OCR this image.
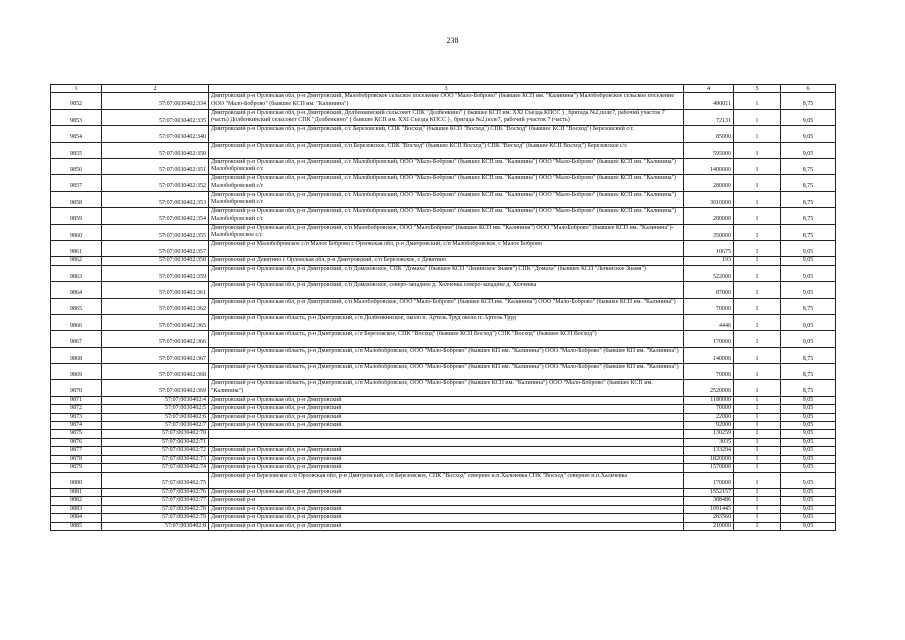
238
1	2	3	4	5	6	
9852	57:07:0030402:334	Дмитровский р-н Орловская обл, р-н Дмитровский, Малобобровское сельское поселение ООО "Мало-Боброво" (бывшее КСП им. "Калинина") Малобобровское сельское поселение ООО "Мало-Боброво" (бывшее КСП им. "Калинина")	490011	1	8,75	
9853	57:07:0030402:335	Дмитровский р-н Орловская обл, р-н Дмитровский, Долбенкинский сельсовет СПК "Долбенкино" ( бывшее КСП им. XXI Съезда КПСС ) , бригада №2,поле7, рабочий участок 7 (часть) Долбенкинский сельсовет СПК "Долбенкино" ( бывшее КСП им. XXI Съезда КПСС ) , бригада №2,поле7, рабочий участок 7 (часть)	72131	1	9,05	
9854	57:07:0030402:340	Дмитровский р-н Орловская обл, р-н Дмитровский, с/с Березовский, СПК "Восход" (бывшее КСП "Восход") СПК "Восход" (бывшее КСП "Восход") Березовский с/с	85000	1	9,05	
9855	57:07:0030402:350	Дмитровский р-н Орловская обл, р-н Дмитровский, с/п Березовское, СПК "Восход" (бывшее КСП Восход") СПК "Восход" (бывшее КСП Восход") Березовское с/с	595000	1	9,05	
9856	57:07:0030402:351	Дмитровский р-н Орловская обл, р-н Дмитровский, с/с Малобобровский, ООО "Мало-Боброво" (бывшее КСП им. "Калинина") ООО "Мало-Боброво" (бывшее КСП им. "Калинина") Малобобровский с/с	1400000	1	8,75	
9857	57:07:0030402:352	Дмитровский р-н Орловская обл, р-н Дмитровский, с/с Малобобровский, ООО "Мало-Боброво" (бывшее КСП им. "Калинина") ООО "Мало-Боброво" (бывшее КСП им. "Калинина") Малобобровский с/с	280000	1	8,75	
9858	57:07:0030402:353	Дмитровский р-н Орловская обл, р-н Дмитровский, с/с Малобобровский, ООО "Мало-Боброво" (бывшее КСП им. "Калинина") ООО "Мало-Боброво" (бывшее КСП им. "Калинина") Малобобровский с/с	3010000	1	8,75	
9859	57:07:0030402:354	Дмитровский р-н Орловская обл, р-н Дмитровский, с/с Малобобровский, ООО "Мало-Боброво" (бывшее КСП им. "Калинина") ООО "Мало-Боброво" (бывшее КСП им. "Калинина") Малобобровский с/с	280000	1	8,75	
9860	57:07:0030402:355	Дмитровский р-н Орловская обл, р-н Дмитровский, с/п Малобобровское, ООО "МалоБоброво" (бывшее КСП им. "Калинина") ООО "МалоБоброво" (бывшее КСП им. "Калинина")-Малобобровское с/с	350000	1	8,75	
9861	57:07:0030402:357	Дмитровский р-н Малобобровское с/п Малое Боброво с Орловская обл, р-н Дмитровский, с/п Малобобровское, с Малое Боброво	10675	1	9,05	
9862	57:07:0030402:358	Дмитровский р-н Девятино с Орловская обл, р-н Дмитровский, с/п Березовское, с Девятино	193	1	9,05	
9863	57:07:0030402:359	Дмитровский р-н Орловская обл, р-н Дмитровский, с/п Домаховское, СПК "Домаха" (бывшее КСП "Ленинское Знамя") СПК "Домаха" (бывшее КСП "Ленинское Знамя")	522000	1	9,05	
9864	57:07:0030402:361	Дмитровский р-н Орловская обл, р-н Дмитровский, с/п Домаховское, северо-западнее д. Холчевка северо-западнее д. Холчевка	87000	1	9,05	
9865	57:07:0030402:362	Дмитровский р-н Орловская обл, р-н Дмитровский, с/п Малобобровское, ООО "Мало-Боброво" (бывшее КСП им. "Калинина") ООО "Мало-Боброво" (бывшее КСП им. "Калинина")	70000	1	8,75	
9866	57:07:0030402:365	Дмитровский р-н Орловская область, р-н Дмитровский, с/п Долбенкинское, около п. Артель Труд около п. Артель Труд	4446	1	9,05	
9867	57:07:0030402:366	Дмитровский р-н Орловская область, р-н Дмитровский, с/п Березовское, СПК "Восход" (бывшее КСП Восход") СПК "Восход" (бывшее КСП Восход")	170000	1	9,05	
9868	57:07:0030402:367	Дмитровский р-н Орловская область, р-н Дмитровский, с/п Малобобровское, ООО "Мало-Боброво" (бывшее КП им. "Калинина") ООО "Мало-Боброво" (бывшее КП им. "Калинина")	140000	1	8,75	
9869	57:07:0030402:368	Дмитровский р-н Орловская область, р-н Дмитровский, с/п Малобобровское, ООО "Мало-Боброво" (бывшее КП им. "Калинина") ООО "Мало-Боброво" (бывшее КП им. "Калинина")	70000	1	8,75	
9870	57:07:0030402:369	Дмитровский р-н Орловская область, р-н Дмитровский, с/п Малобобровское, ООО "Мало-Боброво" (бывшее КСП им. "Калинина") ООО "Мало-Боброво" (бывшее КСП им. "Калинина")	2520000	1	8,75	
9871	57:07:0030402:4	Дмитровский р-н Орловская обл, р-н Дмитровский	1180000	1	9,05	
9872	57:07:0030402:5	Дмитровский р-н Орловская обл, р-н Дмитровский	70000	1	9,05	
9873	57:07:0030402:6	Дмитровский р-н Орловская обл, р-н Дмитровский	22000	1	9,05	
9874	57:07:0030402:7	Дмитровский р-н Орловская обл, р-н Дмитровский	92000	1	9,05	
9875	57:07:0030402:70		130259	1	9,05	
9876	57:07:0030402:71		3035	1	9,05	
9877	57:07:0030402:72	Дмитровский р-н Орловская обл, р-н Дмитровский	133294	1	9,05	
9878	57:07:0030402:73	Дмитровский р-н Орловская обл, р-н Дмитровский	1820000	1	9,05	
9879	57:07:0030402:74	Дмитровский р-н Орловская обл, р-н Дмитровский	1570000	1	9,05	
9880	57:07:0030402:75	Дмитровский р-н Березовское с/п Орловская обл, р-н Дмитровский, с/п Березовское, СПК "Восход" севернее н.п.Хальчевка СПК "Восход" севернее н.п.Хальчевка	170000	1	9,05	
9881	57:07:0030402:76	Дмитровский р-н Орловская обл, р-н Дмитровский	1552157	1	9,05	
9882	57:07:0030402:77	Дмитровский р-н	388486	1	9,05	
9883	57:07:0030402:78	Дмитровский р-н Орловская обл, р-н Дмитровский	1091445	1	9,05	
9884	57:07:0030402:79	Дмитровский р-н Орловская обл, р-н Дмитровский	283560	1	9,05	
9885	57:07:0030402:8	Дмитровский р-н Орловская обл, р-н Дмитровский	210000	1	9,05	
